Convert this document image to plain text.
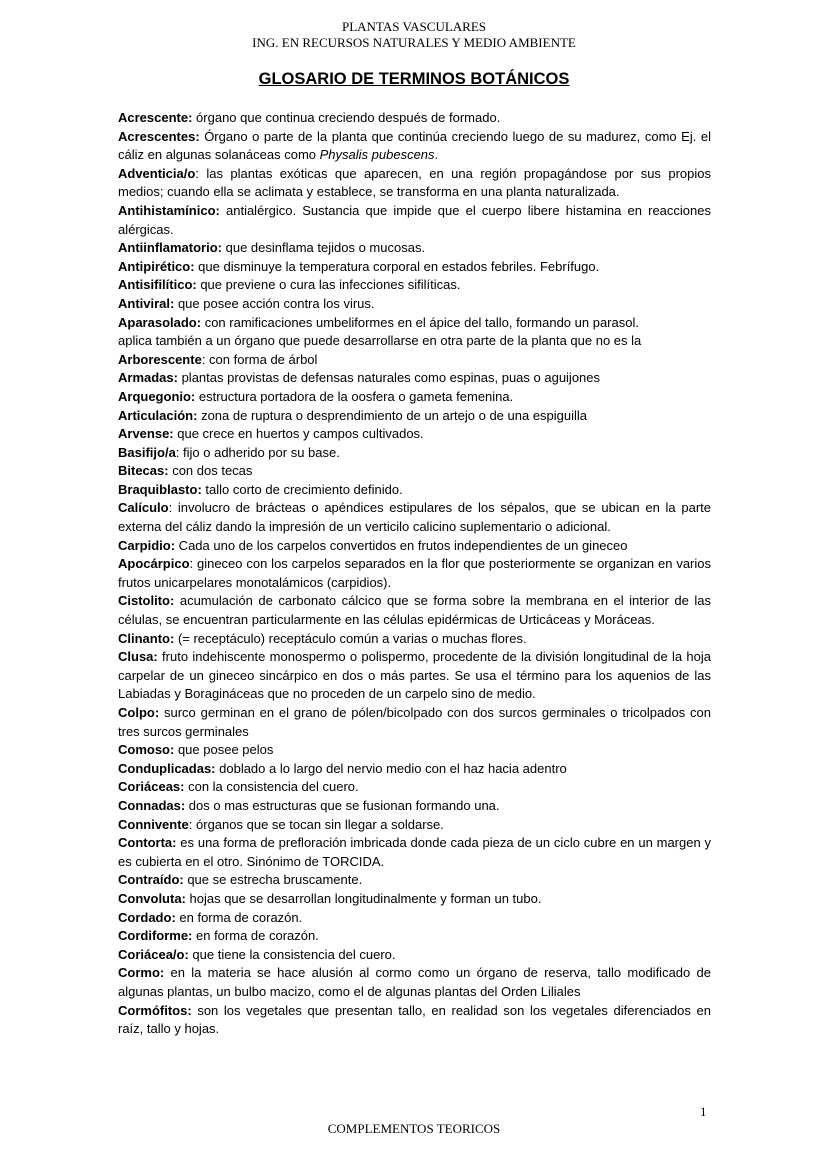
PLANTAS VASCULARES
ING. EN RECURSOS NATURALES Y MEDIO AMBIENTE
GLOSARIO DE TERMINOS BOTÁNICOS

Acrescente: órgano que continua creciendo después de formado.

Acrescentes: Órgano o parte de la planta que continúa creciendo luego de su madurez, como Ej. el cáliz en algunas solanáceas como Physalis pubescens.

Adventicia/o: las plantas exóticas que aparecen, en una región propagándose por sus propios medios; cuando ella se aclimata y establece, se transforma en una planta naturalizada.

Antihistamínico: antialérgico. Sustancia que impide que el cuerpo libere histamina en reacciones alérgicas.

Antiinflamatorio: que desinflama tejidos o mucosas.

Antipirético: que disminuye la temperatura corporal en estados febriles. Febrífugo.

Antisifilítico: que previene o cura las infecciones sifilíticas.

Antiviral: que posee acción contra los virus.

Aparasolado: con ramificaciones umbeliformes en el ápice del tallo, formando un parasol.

aplica también a un órgano que puede desarrollarse en otra parte de la planta que no es la

Arborescente: con forma de árbol

Armadas: plantas provistas de defensas naturales como espinas, puas o aguijones

Arquegonio: estructura portadora de la oosfera o gameta femenina.

Articulación: zona de ruptura o desprendimiento de un artejo o de una espiguilla

Arvense: que crece en huertos y campos cultivados.

Basifijo/a: fijo o adherido por su base.

Bitecas: con dos tecas

Braquiblasto: tallo corto de crecimiento definido.

Calículo: involucro de brácteas o apéndices estipulares de los sépalos, que se ubican en la parte externa del cáliz dando la impresión de un verticilo calicino suplementario o adicional.

Carpidio: Cada uno de los carpelos convertidos en frutos independientes de un gineceo

Apocárpico: gineceo con los carpelos separados en la flor que posteriormente se organizan en varios frutos unicarpelares monotalámicos (carpidios).

Cistolito: acumulación de carbonato cálcico que se forma sobre la membrana en el interior de las células, se encuentran particularmente en las células epidérmicas de Urticáceas y Moráceas.

Clinanto: (= receptáculo) receptáculo común a varias o muchas flores.

Clusa: fruto indehiscente monospermo o polispermo, procedente de la división longitudinal de la hoja carpelar de un gineceo sincárpico en dos o más partes. Se usa el término para los aquenios de las Labiadas y Boragináceas que no proceden de un carpelo sino de medio.

Colpo: surco germinan en el grano de pólen/bicolpado con dos surcos germinales o tricolpados con tres surcos germinales

Comoso: que posee pelos

Conduplicadas: doblado a lo largo del nervio medio con el haz hacia adentro

Coriáceas: con la consistencia del cuero.

Connadas: dos o mas estructuras que se fusionan formando una.

Connivente: órganos que se tocan sin llegar a soldarse.

Contorta: es una forma de prefloración imbricada donde cada pieza de un ciclo cubre en un margen y es cubierta en el otro. Sinónimo de TORCIDA.

Contraído: que se estrecha bruscamente.

Convoluta: hojas que se desarrollan longitudinalmente y forman un tubo.

Cordado: en forma de corazón.

Cordiforme: en forma de corazón.

Coriácea/o: que tiene la consistencia del cuero.

Cormo: en la materia se hace alusión al cormo como un órgano de reserva, tallo modificado de algunas plantas, un bulbo macizo, como el de algunas plantas del Orden Liliales

Cormófitos: son los vegetales que presentan tallo, en realidad son los vegetales diferenciados en raíz, tallo y hojas.

1
COMPLEMENTOS TEORICOS
